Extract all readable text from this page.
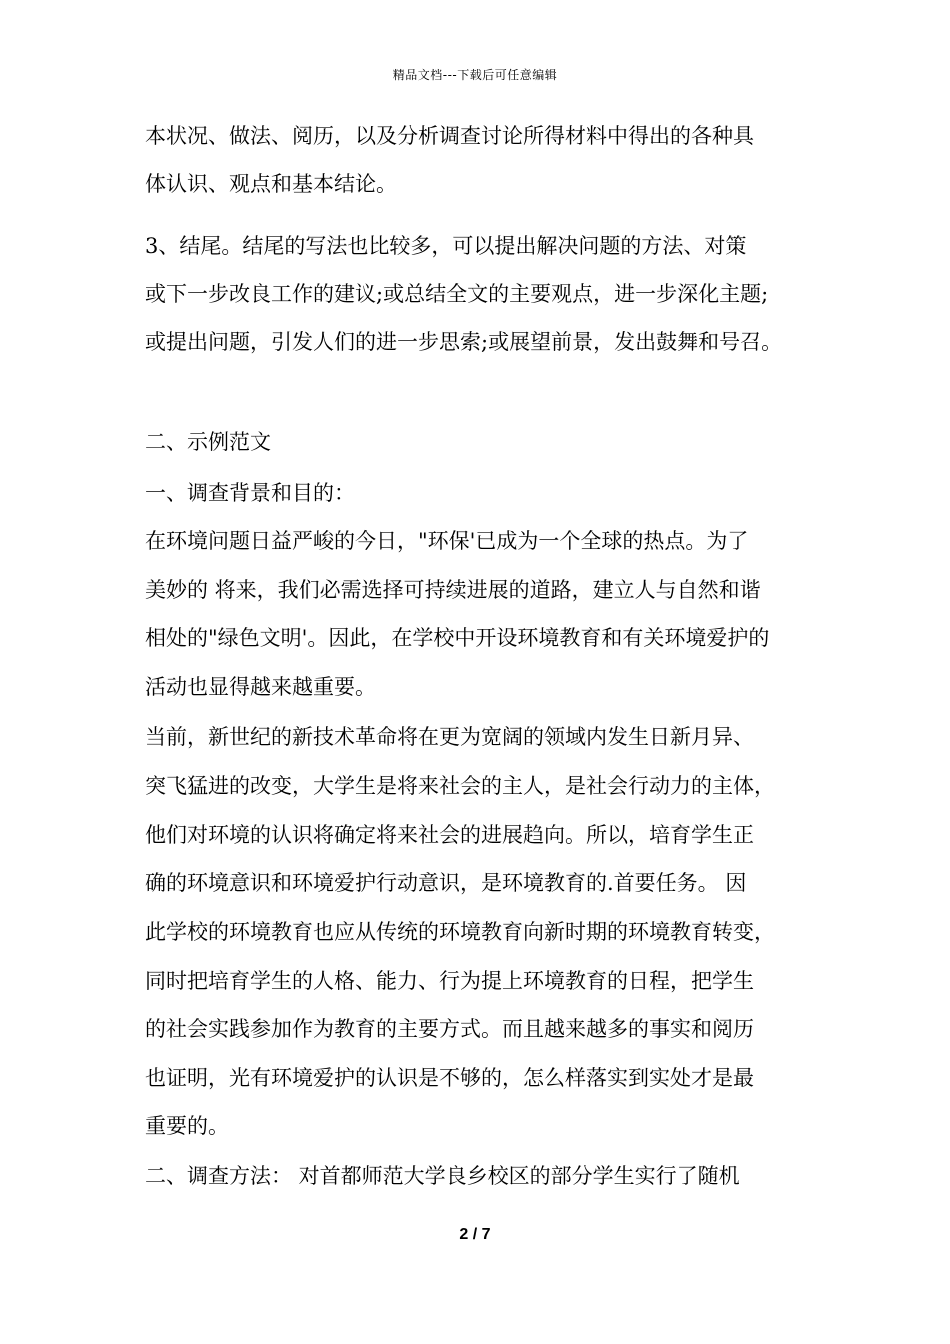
精品文档---下载后可任意编辑
本状况、做法、阅历，以及分析调查讨论所得材料中得出的各种具
体认识、观点和基本结论。
3、结尾。结尾的写法也比较多，可以提出解决问题的方法、对策
或下一步改良工作的建议;或总结全文的主要观点，进一步深化主题;
或提出问题，引发人们的进一步思索;或展望前景，发出鼓舞和号召。
二、示例范文
一、调查背景和目的：
在环境问题日益严峻的今日，"环保'已成为一个全球的热点。为了
美妙的 将来，我们必需选择可持续进展的道路，建立人与自然和谐
相处的"绿色文明'。因此，在学校中开设环境教育和有关环境爱护的
活动也显得越来越重要。
当前，新世纪的新技术革命将在更为宽阔的领域内发生日新月异、
突飞猛进的改变，大学生是将来社会的主人，是社会行动力的主体，
他们对环境的认识将确定将来社会的进展趋向。所以，培育学生正
确的环境意识和环境爱护行动意识，是环境教育的.首要任务。 因
此学校的环境教育也应从传统的环境教育向新时期的环境教育转变，
同时把培育学生的人格、能力、行为提上环境教育的日程，把学生
的社会实践参加作为教育的主要方式。而且越来越多的事实和阅历
也证明，光有环境爱护的认识是不够的，怎么样落实到实处才是最
重要的。
二、调查方法： 对首都师范大学良乡校区的部分学生实行了随机
2 / 7
